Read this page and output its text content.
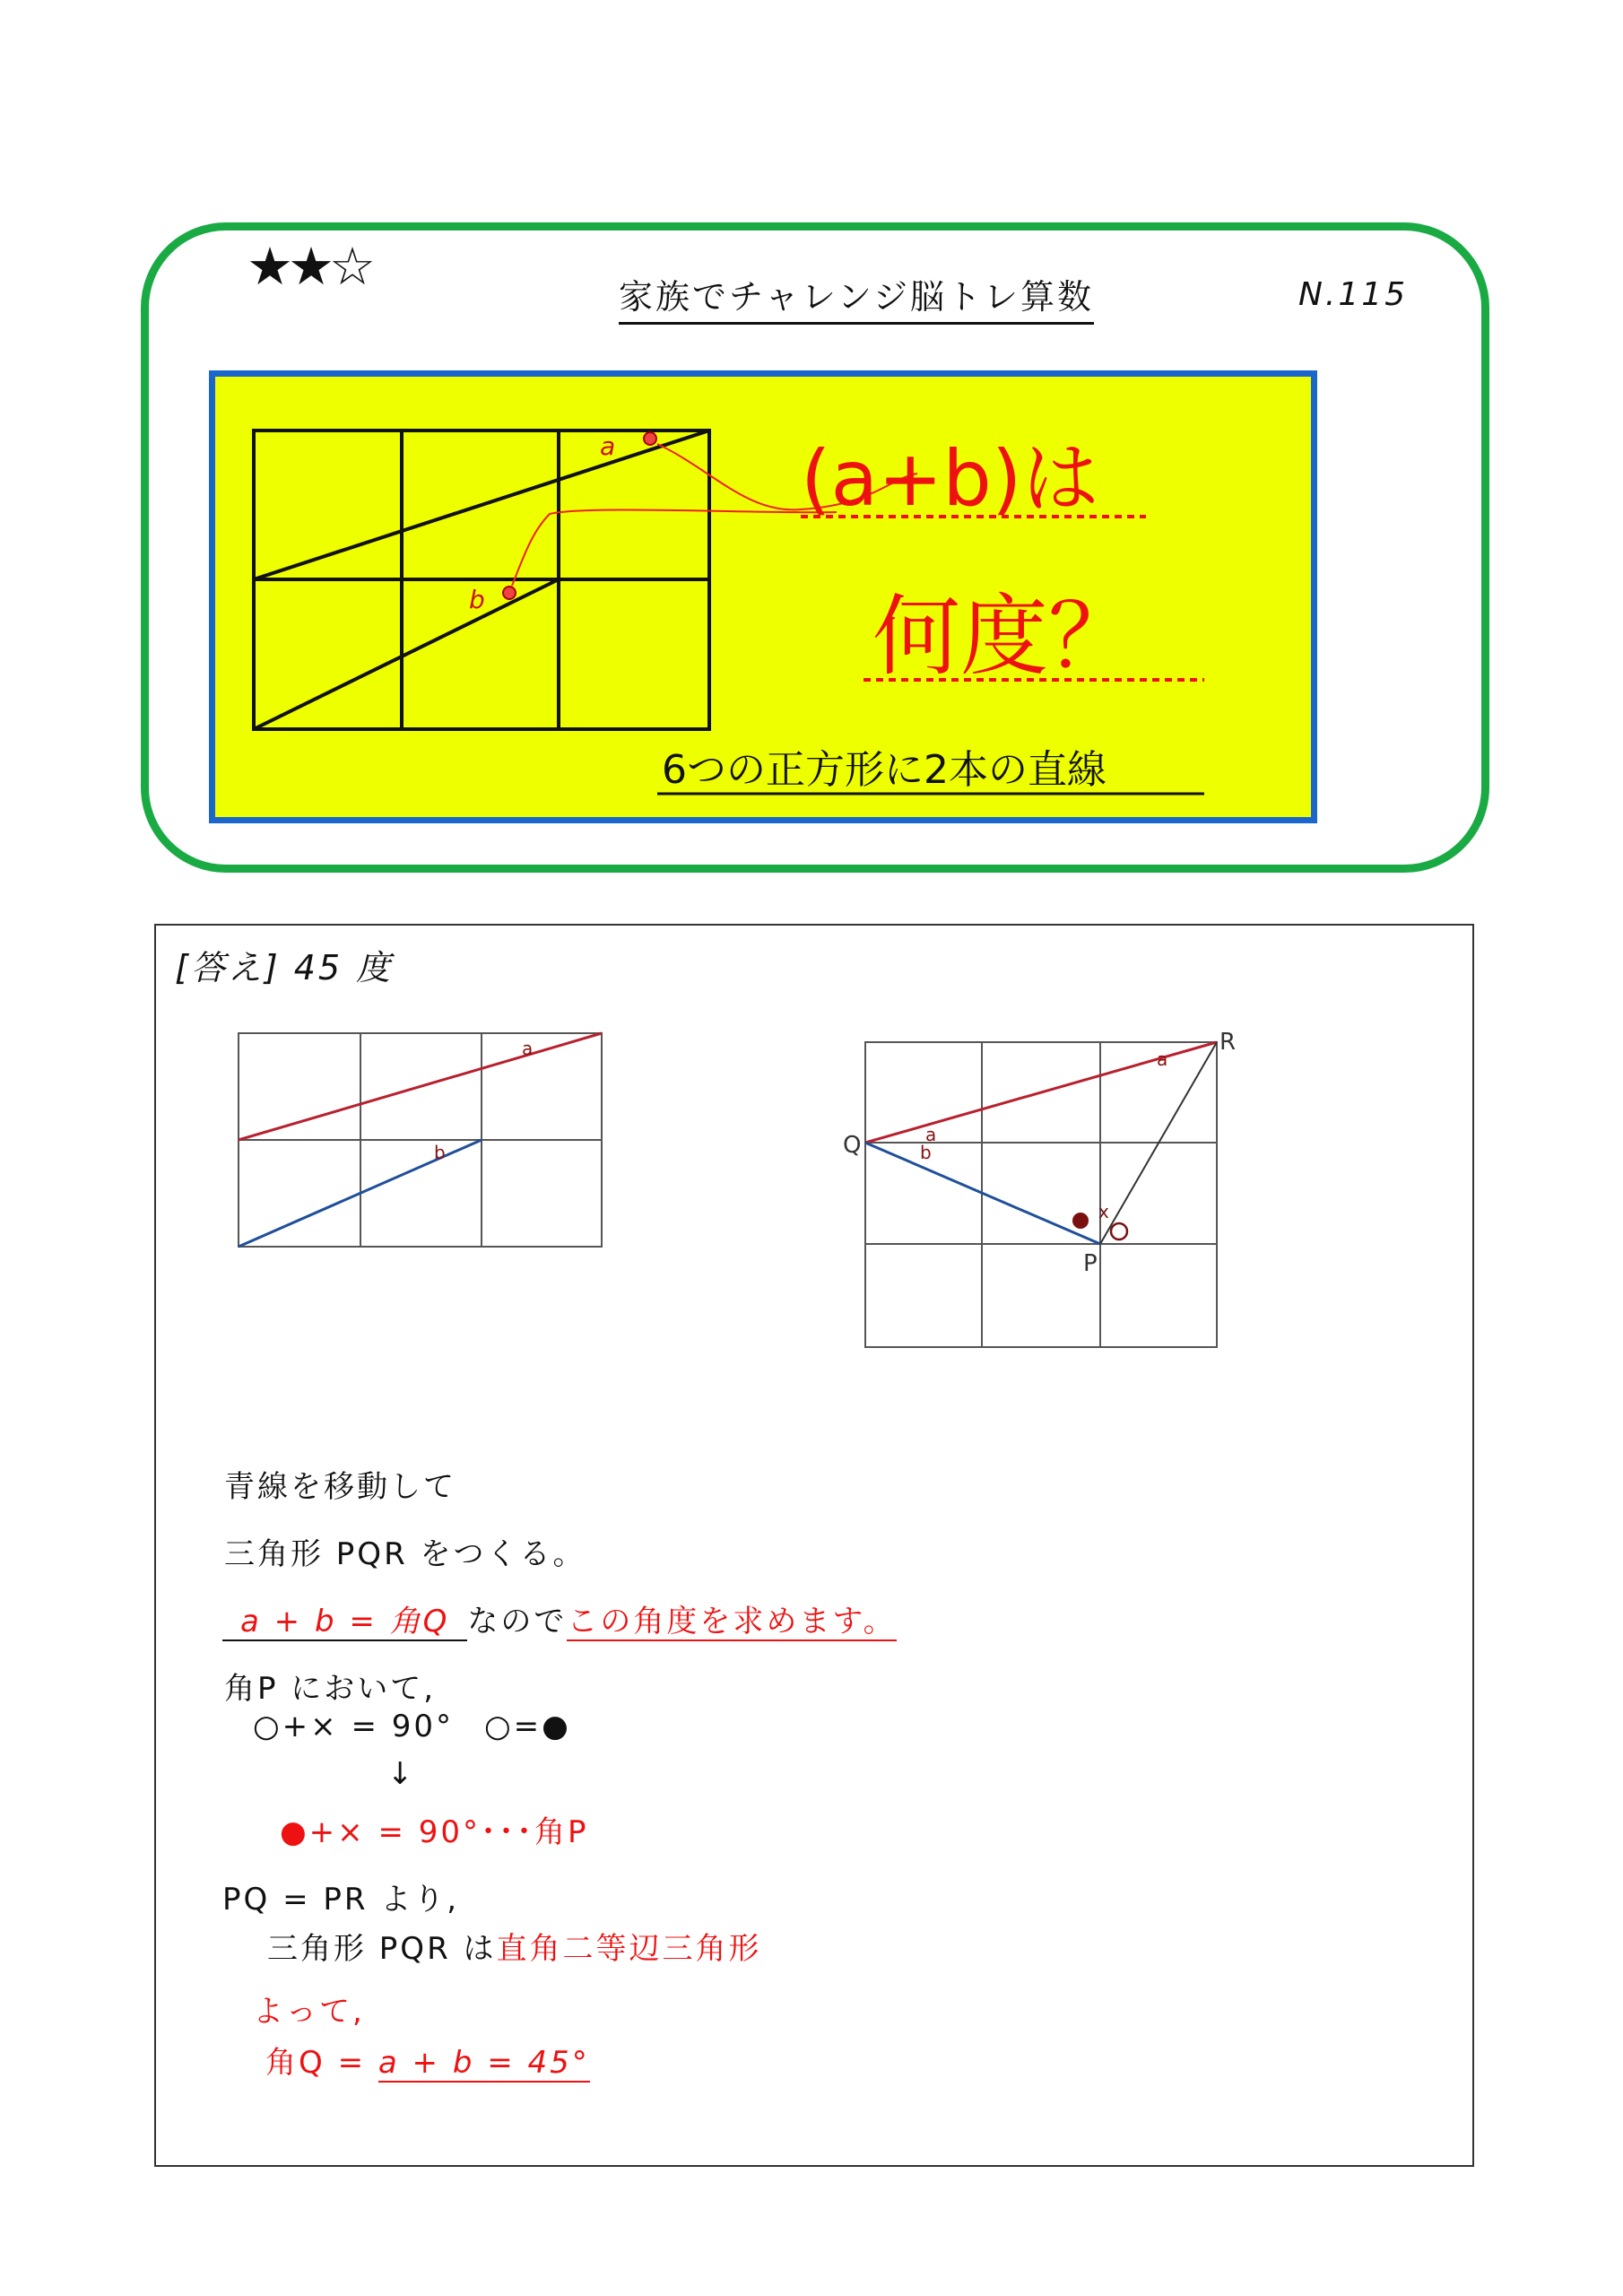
★★☆	家族でチャレンジ脳トレ算数	N.115
a
b
(a+b)は
何度？
6つの正方形に2本の直線
[答え] 45 度
a
b	Q
R
P
a
a
b
x
青線を移動して
三角形 PQR をつくる。
a + b = 角Q なのでこの角度を求めます。
角P において,
○+× = 90° ○=●
↓
●+× = 90°･･･角P
PQ = PR より,
三角形 PQR は直角二等辺三角形
よって,
角Q = a + b = 45°
